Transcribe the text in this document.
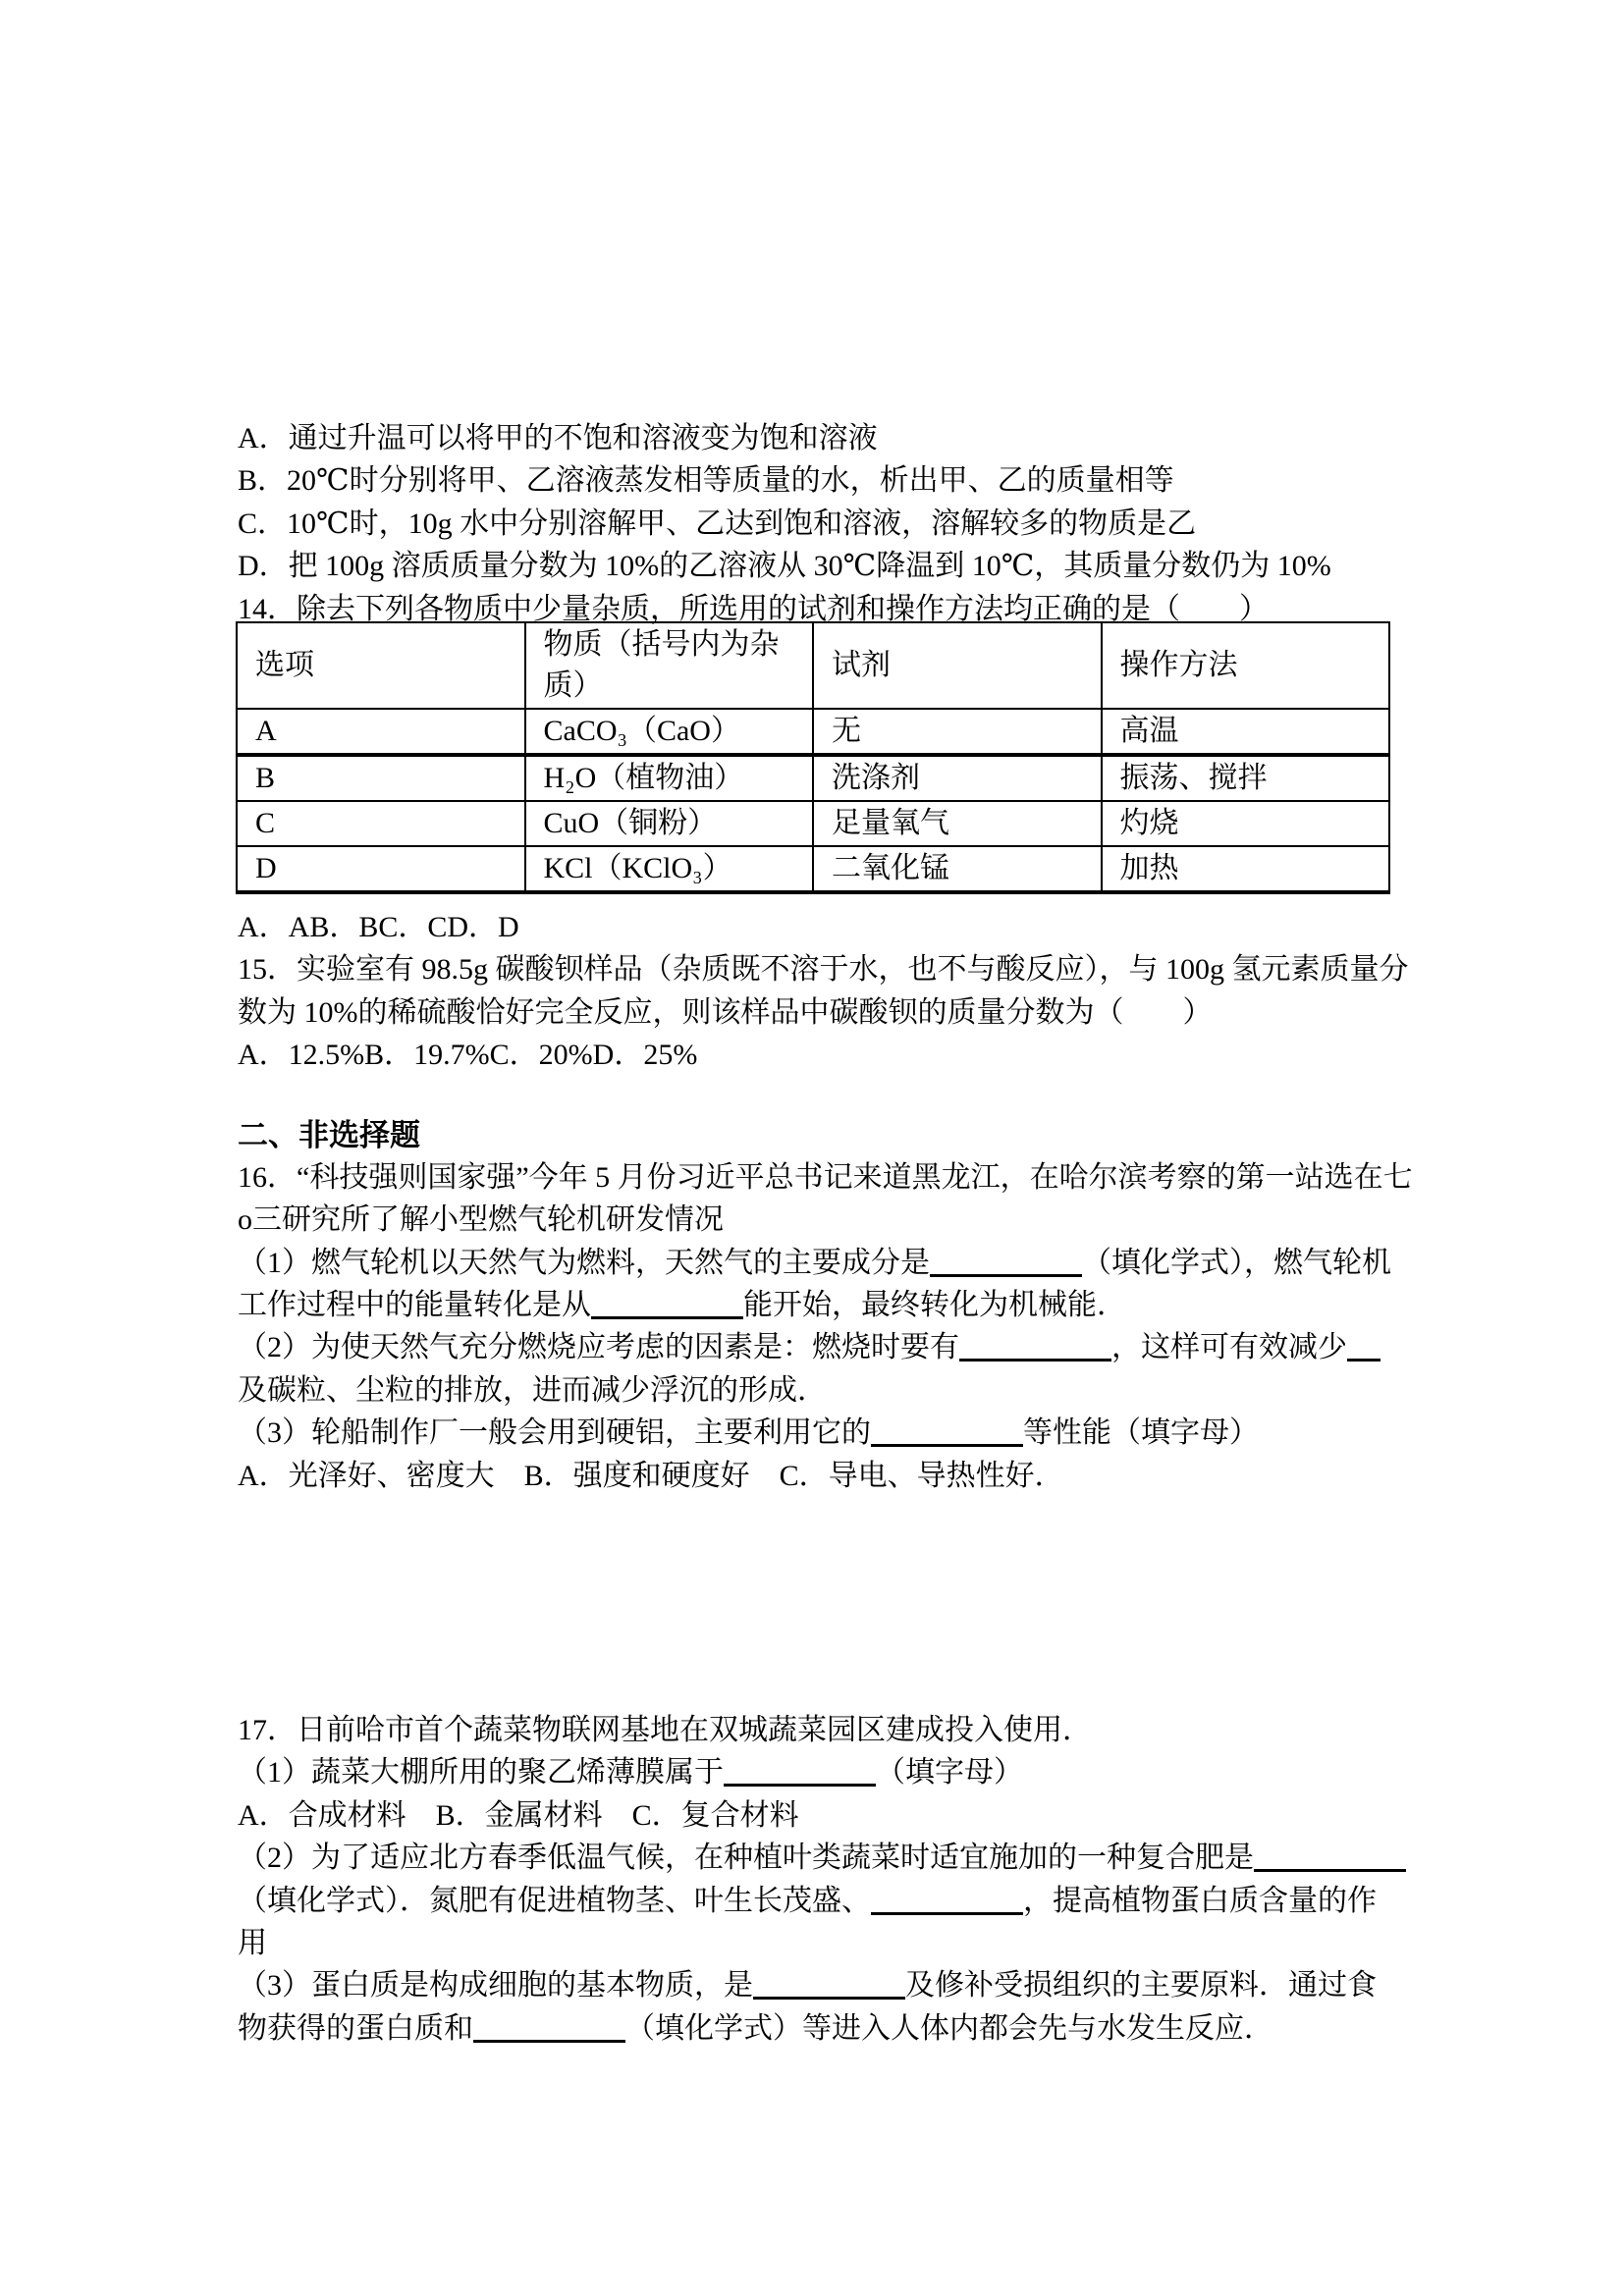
A．通过升温可以将甲的不饱和溶液变为饱和溶液

B．20℃时分别将甲、乙溶液蒸发相等质量的水，析出甲、乙的质量相等

C．10℃时，10g 水中分别溶解甲、乙达到饱和溶液，溶解较多的物质是乙

D．把 100g 溶质质量分数为 10%的乙溶液从 30℃降温到 10℃，其质量分数仍为 10%

14．除去下列各物质中少量杂质，所选用的试剂和操作方法均正确的是（　　）

选项	物质（括号内为杂质）	试剂	操作方法
A	CaCO₃（CaO）	无	高温
B	H₂O（植物油）	洗涤剂	振荡、搅拌
C	CuO（铜粉）	足量氧气	灼烧
D	KCl（KClO₃）	二氧化锰	加热

A．AB．BC．CD．D

15．实验室有 98.5g 碳酸钡样品（杂质既不溶于水，也不与酸反应），与 100g 氢元素质量分

数为 10%的稀硫酸恰好完全反应，则该样品中碳酸钡的质量分数为（　　）

A．12.5%B．19.7%C．20%D．25%

二、非选择题

16．“科技强则国家强”今年 5 月份习近平总书记来道黑龙江，在哈尔滨考察的第一站选在七

o三研究所了解小型燃气轮机研发情况

（1）燃气轮机以天然气为燃料，天然气的主要成分是	（填化学式），燃气轮机

工作过程中的能量转化是从	能开始，最终转化为机械能．

（2）为使天然气充分燃烧应考虑的因素是：燃烧时要有	，这样可有效减少

及碳粒、尘粒的排放，进而减少浮沉的形成．

（3）轮船制作厂一般会用到硬铝，主要利用它的	等性能（填字母）

A．光泽好、密度大　B．强度和硬度好　C．导电、导热性好．

17．日前哈市首个蔬菜物联网基地在双城蔬菜园区建成投入使用．

（1）蔬菜大棚所用的聚乙烯薄膜属于	（填字母）

A．合成材料　B．金属材料　C．复合材料

（2）为了适应北方春季低温气候，在种植叶类蔬菜时适宜施加的一种复合肥是

（填化学式）．氮肥有促进植物茎、叶生长茂盛、	，提高植物蛋白质含量的作

用

（3）蛋白质是构成细胞的基本物质，是	及修补受损组织的主要原料．通过食

物获得的蛋白质和	（填化学式）等进入人体内都会先与水发生反应．
